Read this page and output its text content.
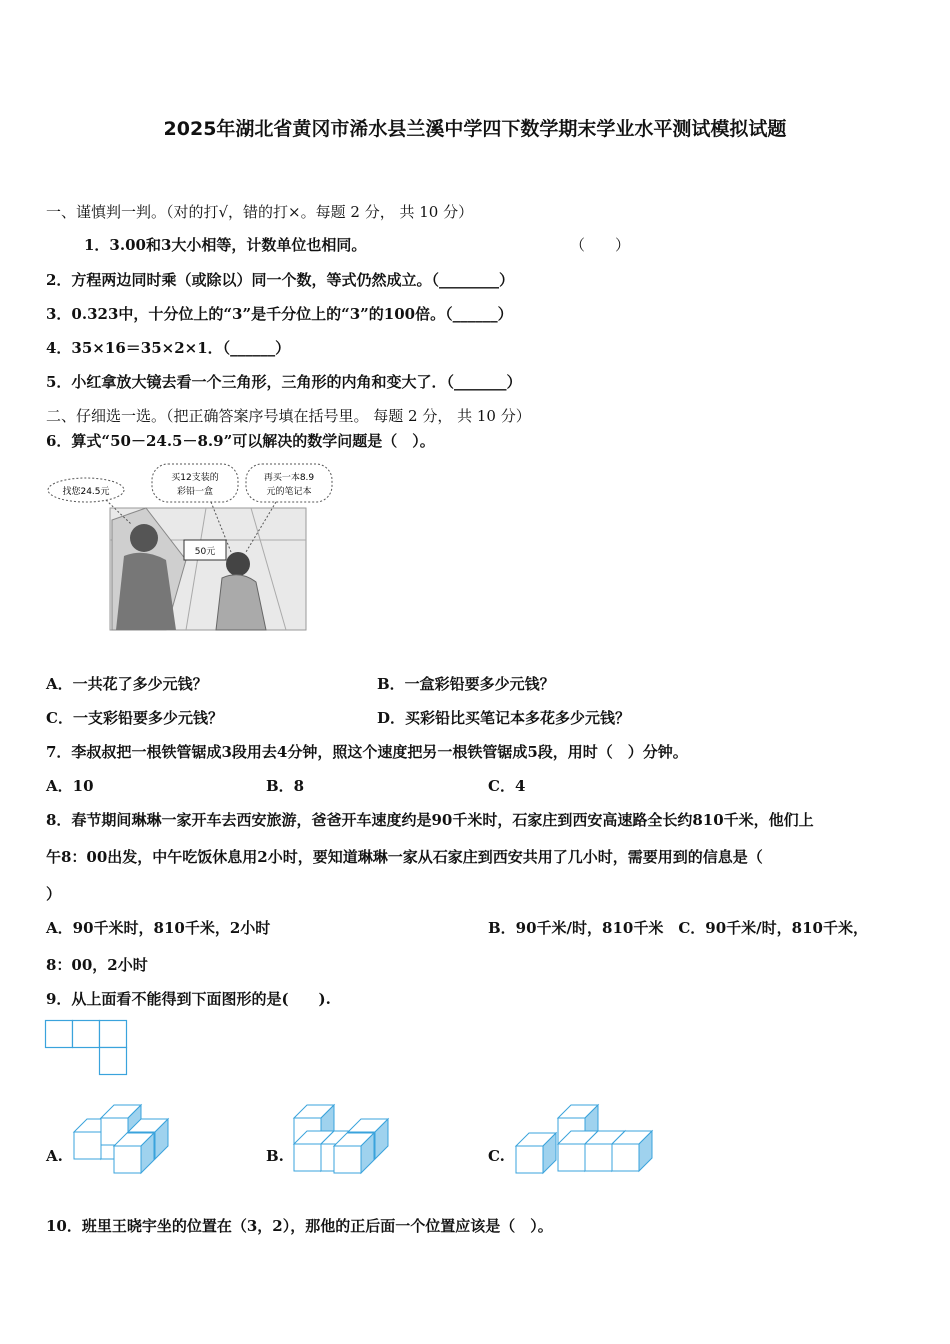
2025年湖北省黄冈市浠水县兰溪中学四下数学期末学业水平测试模拟试题
一、谨慎判一判。（对的打√，错的打×。每题 2 分， 共 10 分）
1．3.00和3大小相等，计数单位也相同。	（　　）
2．方程两边同时乘（或除以）同一个数，等式仍然成立。（________）
3．0.323中，十分位上的“3”是千分位上的“3”的100倍。（______）
4．35×16＝35×2×1．（______）
5．小红拿放大镜去看一个三角形，三角形的内角和变大了．（_______）
二、仔细选一选。（把正确答案序号填在括号里。 每题 2 分， 共 10 分）
6．算式“50－24.5－8.9”可以解决的数学问题是（　）。
50元
找您24.5元
买12支装的
彩铅一盒
再买一本8.9
元的笔记本
A．一共花了多少元钱？	B．一盒彩铅要多少元钱？
C．一支彩铅要多少元钱？	D．买彩铅比买笔记本多花多少元钱？
7．李叔叔把一根铁管锯成3段用去4分钟，照这个速度把另一根铁管锯成5段，用时（　）分钟。
A．10	B．8	C．4
8．春节期间琳琳一家开车去西安旅游，爸爸开车速度约是90千米时，石家庄到西安高速路全长约810千米，他们上
午8：00出发，中午吃饭休息用2小时，要知道琳琳一家从石家庄到西安共用了几小时，需要用到的信息是（
）
A．90千米时，810千米，2小时	B．90千米/时，810千米　C．90千米/时，810千米，
8：00，2小时
9．从上面看不能得到下面图形的是(　　).
A.	B.	C.
10．班里王晓宇坐的位置在（3，2），那他的正后面一个位置应该是（　）。
